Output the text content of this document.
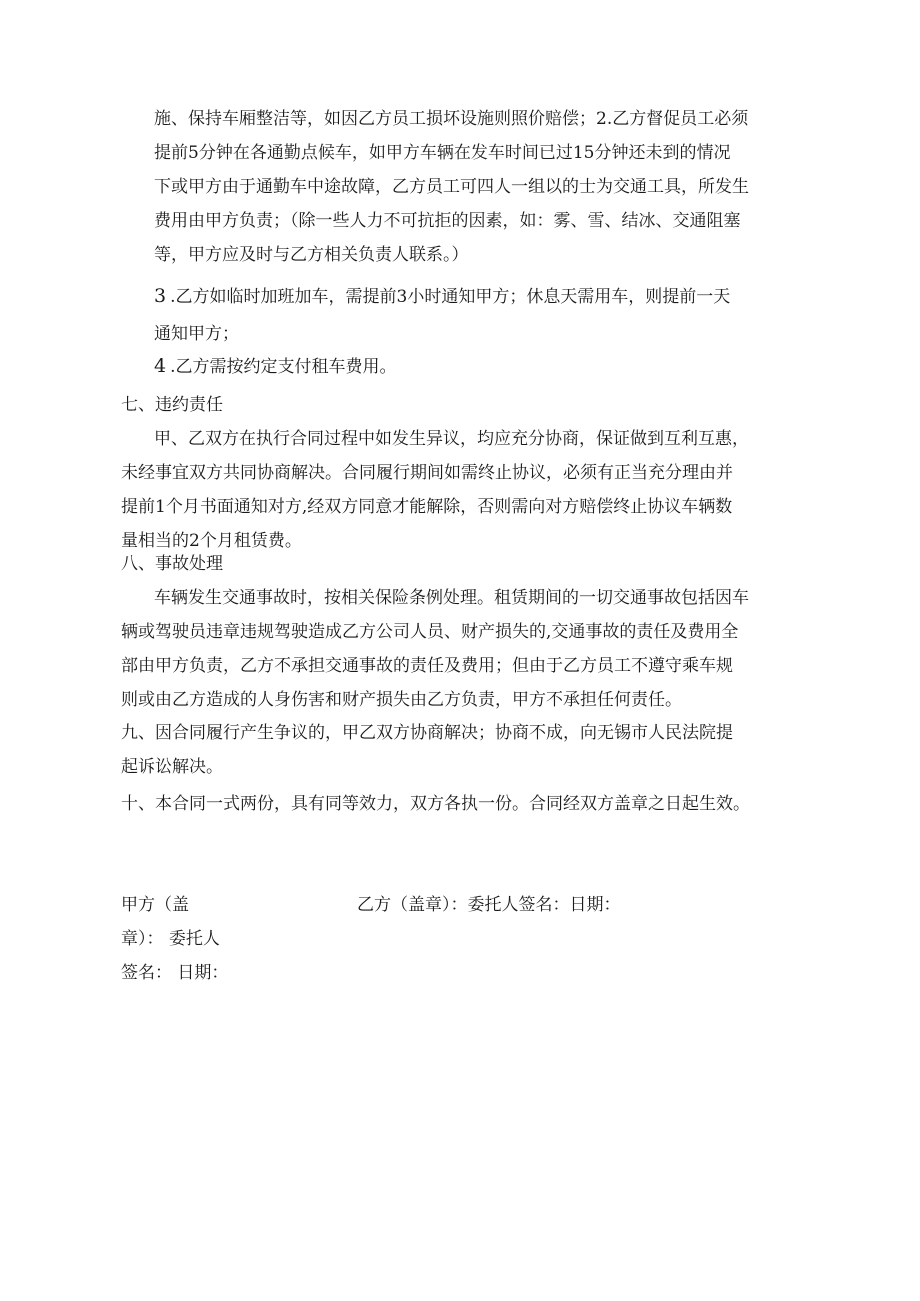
施、保持车厢整洁等，如因乙方员工损坏设施则照价赔偿；2.乙方督促员工必须
提前5分钟在各通勤点候车，如甲方车辆在发车时间已过15分钟还未到的情况
下或甲方由于通勤车中途故障，乙方员工可四人一组以的士为交通工具，所发生
费用由甲方负责；（除一些人力不可抗拒的因素，如：雾、雪、结冰、交通阻塞
等，甲方应及时与乙方相关负责人联系。）
3 .乙方如临时加班加车，需提前3小时通知甲方；休息天需用车，则提前一天
通知甲方；
4 .乙方需按约定支付租车费用。
七、违约责任
甲、乙双方在执行合同过程中如发生异议，均应充分协商，保证做到互利互惠，
未经事宜双方共同协商解决。合同履行期间如需终止协议，必须有正当充分理由并
提前1个月书面通知对方,经双方同意才能解除，否则需向对方赔偿终止协议车辆数
量相当的2个月租赁费。
八、事故处理
车辆发生交通事故时，按相关保险条例处理。租赁期间的一切交通事故包括因车
辆或驾驶员违章违规驾驶造成乙方公司人员、财产损失的,交通事故的责任及费用全
部由甲方负责，乙方不承担交通事故的责任及费用；但由于乙方员工不遵守乘车规
则或由乙方造成的人身伤害和财产损失由乙方负责，甲方不承担任何责任。
九、因合同履行产生争议的，甲乙双方协商解决；协商不成，向无锡市人民法院提
起诉讼解决。
十、本合同一式两份，具有同等效力，双方各执一份。合同经双方盖章之日起生效。
甲方（盖
章）： 委托人
签名： 日期：
乙方（盖章）：委托人签名：日期：
